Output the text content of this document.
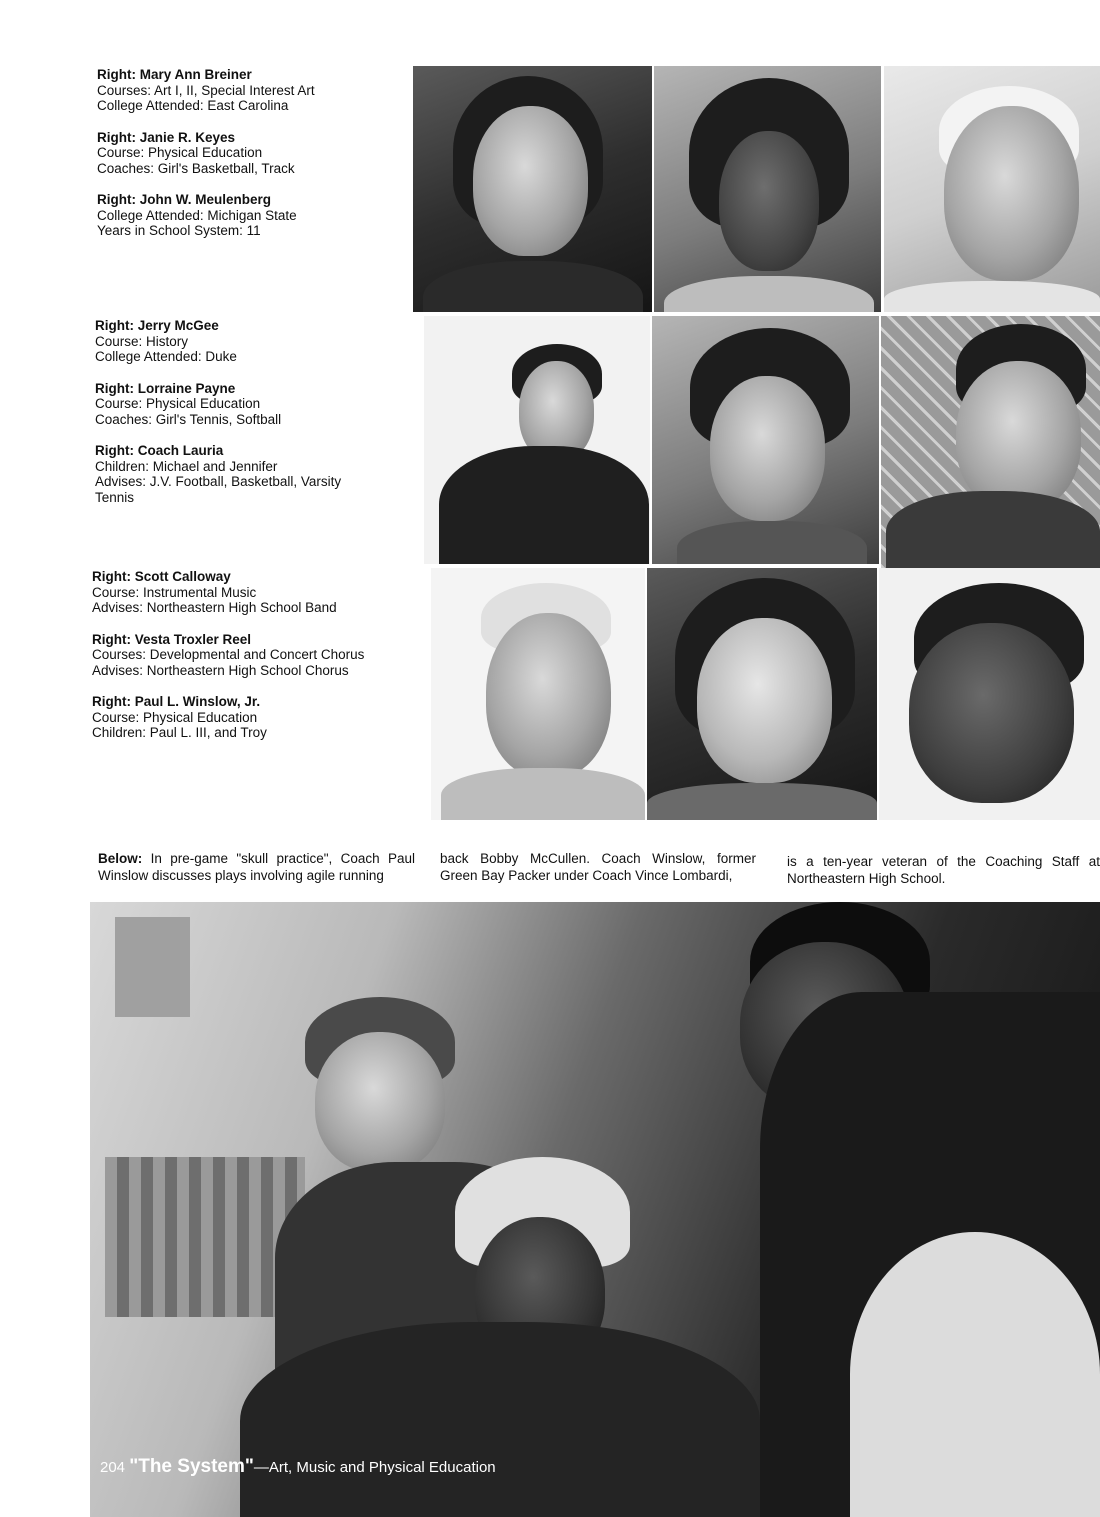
Right: Mary Ann Breiner
Courses: Art I, II, Special Interest Art
College Attended: East Carolina
Right: Janie R. Keyes
Course: Physical Education
Coaches: Girl's Basketball, Track
Right: John W. Meulenberg
College Attended: Michigan State
Years in School System: 11
Right: Jerry McGee
Course: History
College Attended: Duke
Right: Lorraine Payne
Course: Physical Education
Coaches: Girl's Tennis, Softball
Right: Coach Lauria
Children: Michael and Jennifer
Advises: J.V. Football, Basketball, Varsity
Tennis
Right: Scott Calloway
Course: Instrumental Music
Advises: Northeastern High School Band
Right: Vesta Troxler Reel
Courses: Developmental and Concert Chorus
Advises: Northeastern High School Chorus
Right: Paul L. Winslow, Jr.
Course: Physical Education
Children: Paul L. III, and Troy
Below: In pre-game "skull practice", Coach Paul Winslow discusses plays involving agile running
back Bobby McCullen. Coach Winslow, former Green Bay Packer under Coach Vince Lombardi,
is a ten-year veteran of the Coaching Staff at Northeastern High School.
204 "The System"—Art, Music and Physical Education
